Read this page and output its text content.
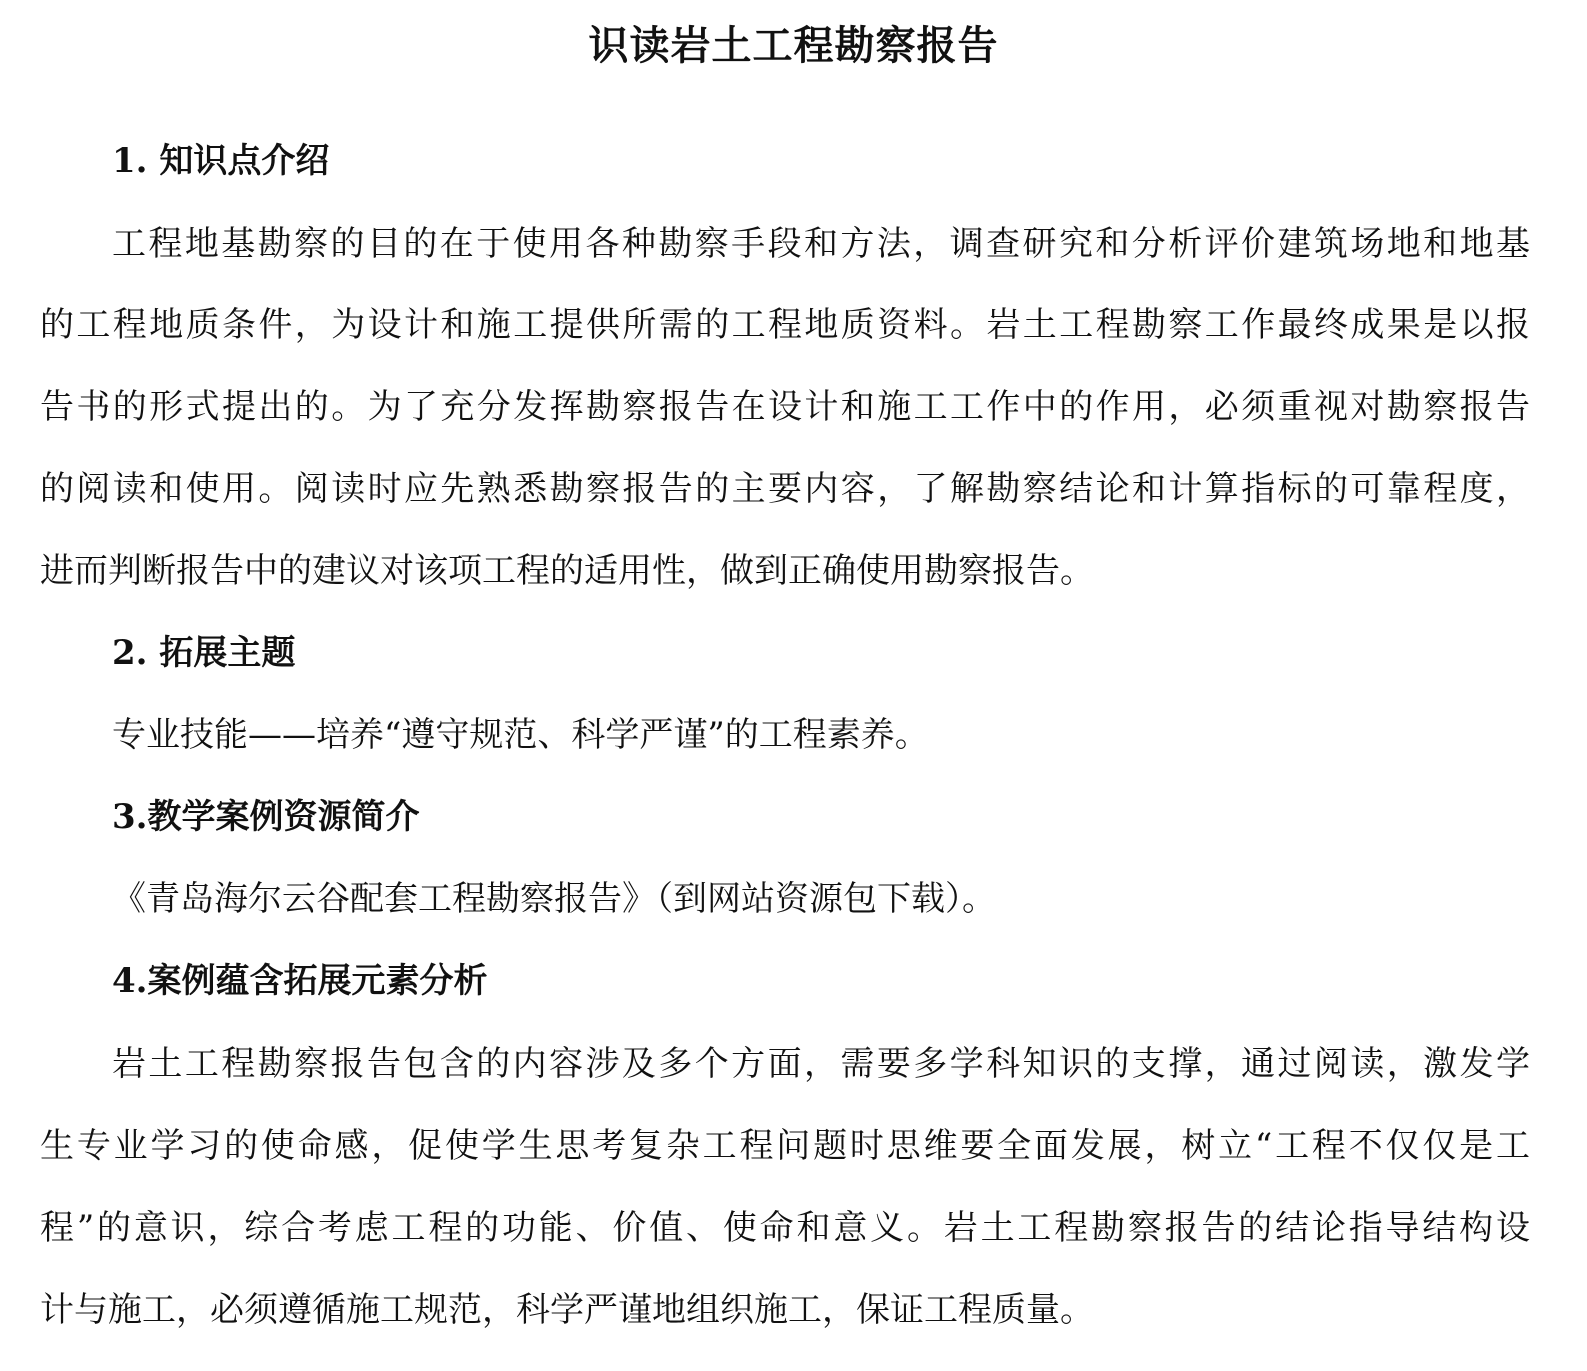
识读岩土工程勘察报告
1. 知识点介绍
工程地基勘察的目的在于使用各种勘察手段和方法，调查研究和分析评价建筑场地和地基
的工程地质条件，为设计和施工提供所需的工程地质资料。岩土工程勘察工作最终成果是以报
告书的形式提出的。为了充分发挥勘察报告在设计和施工工作中的作用，必须重视对勘察报告
的阅读和使用。阅读时应先熟悉勘察报告的主要内容，了解勘察结论和计算指标的可靠程度，
进而判断报告中的建议对该项工程的适用性，做到正确使用勘察报告。
2. 拓展主题
专业技能——培养“遵守规范、科学严谨”的工程素养。
3.教学案例资源简介
《青岛海尔云谷配套工程勘察报告》（到网站资源包下载）。
4.案例蕴含拓展元素分析
岩土工程勘察报告包含的内容涉及多个方面，需要多学科知识的支撑，通过阅读，激发学
生专业学习的使命感，促使学生思考复杂工程问题时思维要全面发展，树立“工程不仅仅是工
程”的意识，综合考虑工程的功能、价值、使命和意义。岩土工程勘察报告的结论指导结构设
计与施工，必须遵循施工规范，科学严谨地组织施工，保证工程质量。
